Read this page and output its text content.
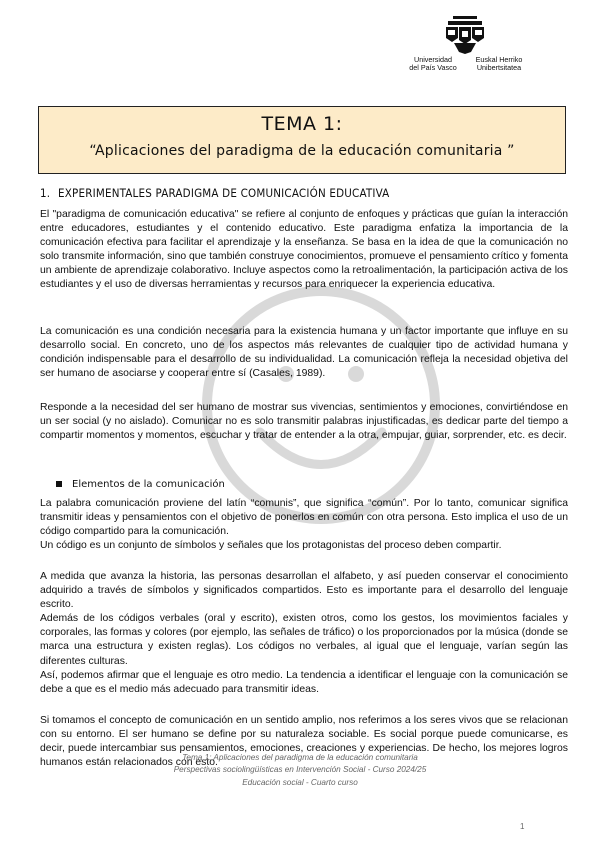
Universidad
del País Vasco
Euskal Herriko
Unibertsitatea
TEMA 1:
“Aplicaciones del paradigma de la educación comunitaria ”
1. EXPERIMENTALES PARADIGMA DE COMUNICACIÓN EDUCATIVA

El "paradigma de comunicación educativa" se refiere al conjunto de enfoques y prácticas que guían la interacción entre educadores, estudiantes y el contenido educativo. Este paradigma enfatiza la importancia de la comunicación efectiva para facilitar el aprendizaje y la enseñanza. Se basa en la idea de que la comunicación no solo transmite información, sino que también construye conocimientos, promueve el pensamiento crítico y fomenta un ambiente de aprendizaje colaborativo. Incluye aspectos como la retroalimentación, la participación activa de los estudiantes y el uso de diversas herramientas y recursos para enriquecer la experiencia educativa.

La comunicación es una condición necesaria para la existencia humana y un factor importante que influye en su desarrollo social. En concreto, uno de los aspectos más relevantes de cualquier tipo de actividad humana y condición indispensable para el desarrollo de su individualidad. La comunicación refleja la necesidad objetiva del ser humano de asociarse y cooperar entre sí (Casales, 1989).

Responde a la necesidad del ser humano de mostrar sus vivencias, sentimientos y emociones, convirtiéndose en un ser social (y no aislado). Comunicar no es solo transmitir palabras injustificadas, es dedicar parte del tiempo a compartir momentos y momentos, escuchar y tratar de entender a la otra, empujar, guiar, sorprender, etc. es decir.

Elementos de la comunicación

La palabra comunicación proviene del latín “comunis”, que significa “común”. Por lo tanto, comunicar significa transmitir ideas y pensamientos con el objetivo de ponerlos en común con otra persona. Esto implica el uso de un código compartido para la comunicación.

Un código es un conjunto de símbolos y señales que los protagonistas del proceso deben compartir.

A medida que avanza la historia, las personas desarrollan el alfabeto, y así pueden conservar el conocimiento adquirido a través de símbolos y significados compartidos. Esto es importante para el desarrollo del lenguaje escrito.

Además de los códigos verbales (oral y escrito), existen otros, como los gestos, los movimientos faciales y corporales, las formas y colores (por ejemplo, las señales de tráfico) o los proporcionados por la música (donde se marca una estructura y existen reglas). Los códigos no verbales, al igual que el lenguaje, varían según las diferentes culturas.

Así, podemos afirmar que el lenguaje es otro medio. La tendencia a identificar el lenguaje con la comunicación se debe a que es el medio más adecuado para transmitir ideas.

Si tomamos el concepto de comunicación en un sentido amplio, nos referimos a los seres vivos que se relacionan con su entorno. El ser humano se define por su naturaleza sociable. Es social porque puede comunicarse, es decir, puede intercambiar sus pensamientos, emociones, creaciones y experiencias. De hecho, los mejores logros humanos están relacionados con esto.

Tema 1: Aplicaciones del paradigma de la educación comunitaria
Perspectivas sociolingüísticas en Intervención Social - Curso 2024/25
Educación social - Cuarto curso
1
